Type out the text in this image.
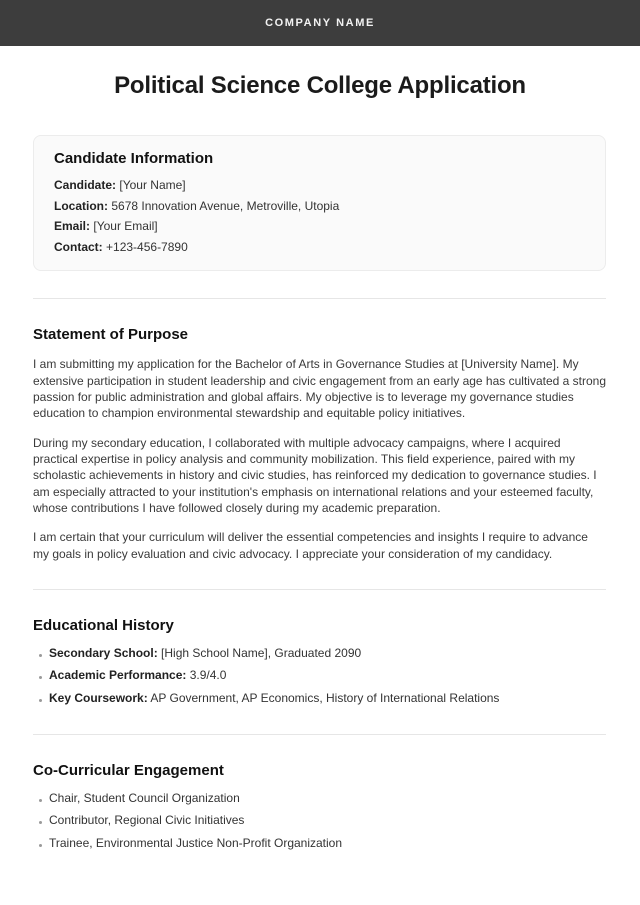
COMPANY NAME
Political Science College Application
Candidate Information

Candidate: [Your Name]

Location: 5678 Innovation Avenue, Metroville, Utopia

Email: [Your Email]

Contact: +123-456-7890

Statement of Purpose

I am submitting my application for the Bachelor of Arts in Governance Studies at [University Name]. My extensive participation in student leadership and civic engagement from an early age has cultivated a strong passion for public administration and global affairs. My objective is to leverage my governance studies education to champion environmental stewardship and equitable policy initiatives.

During my secondary education, I collaborated with multiple advocacy campaigns, where I acquired practical expertise in policy analysis and community mobilization. This field experience, paired with my scholastic achievements in history and civic studies, has reinforced my dedication to governance studies. I am especially attracted to your institution's emphasis on international relations and your esteemed faculty, whose contributions I have followed closely during my academic preparation.

I am certain that your curriculum will deliver the essential competencies and insights I require to advance my goals in policy evaluation and civic advocacy. I appreciate your consideration of my candidacy.

Educational History
Secondary School: [High School Name], Graduated 2090
Academic Performance: 3.9/4.0
Key Coursework: AP Government, AP Economics, History of International Relations
Co-Curricular Engagement
Chair, Student Council Organization
Contributor, Regional Civic Initiatives
Trainee, Environmental Justice Non-Profit Organization
